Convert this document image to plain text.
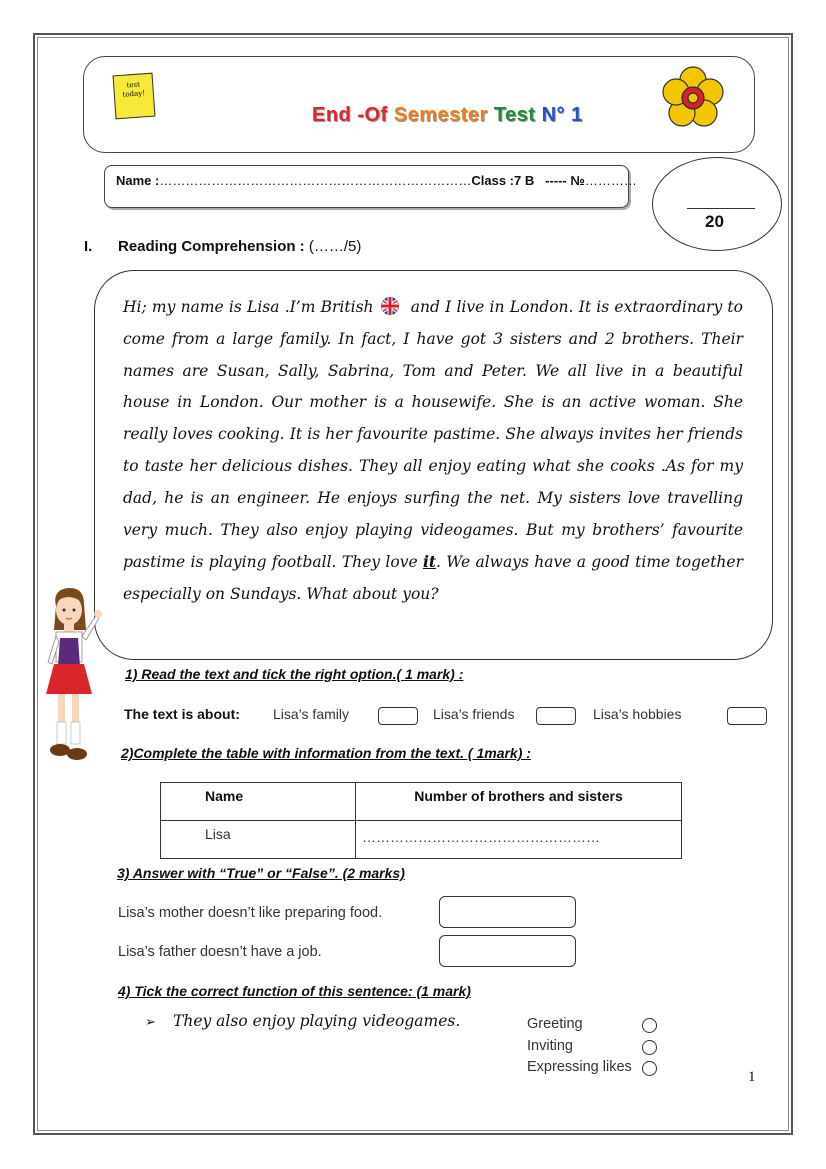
test
today!
End -Of Semester Test N° 1
Name :………………………………………………………………Class :7 B ----- №…………
20
I. Reading Comprehension : (……/5)

Hi; my name is Lisa .I’m British and I live in London. It is extraordinary to come from a large family. In fact, I have got 3 sisters and 2 brothers. Their names are Susan, Sally, Sabrina, Tom and Peter. We all live in a beautiful house in London. Our mother is a housewife. She is an active woman. She really loves cooking. It is her favourite pastime. She always invites her friends to taste her delicious dishes. They all enjoy eating what she cooks .As for my dad, he is an engineer. He enjoys surfing the net. My sisters love travelling very much. They also enjoy playing videogames. But my brothers’ favourite pastime is playing football. They love it. We always have a good time together especially on Sundays. What about you?

1) Read the text and tick the right option.( 1 mark) :
The text is about: Lisa’s family	Lisa’s friends	Lisa’s hobbies
2)Complete the table with information from the text. ( 1mark) :
Name	Number of brothers and sisters
Lisa	……………………………………………
3) Answer with “True” or “False”. (2 marks)
Lisa’s mother doesn’t like preparing food.
Lisa’s father doesn’t have a job.
4) Tick the correct function of this sentence: (1 mark)
➢ They also enjoy playing videogames.	Greeting
Inviting
Expressing likes
1
